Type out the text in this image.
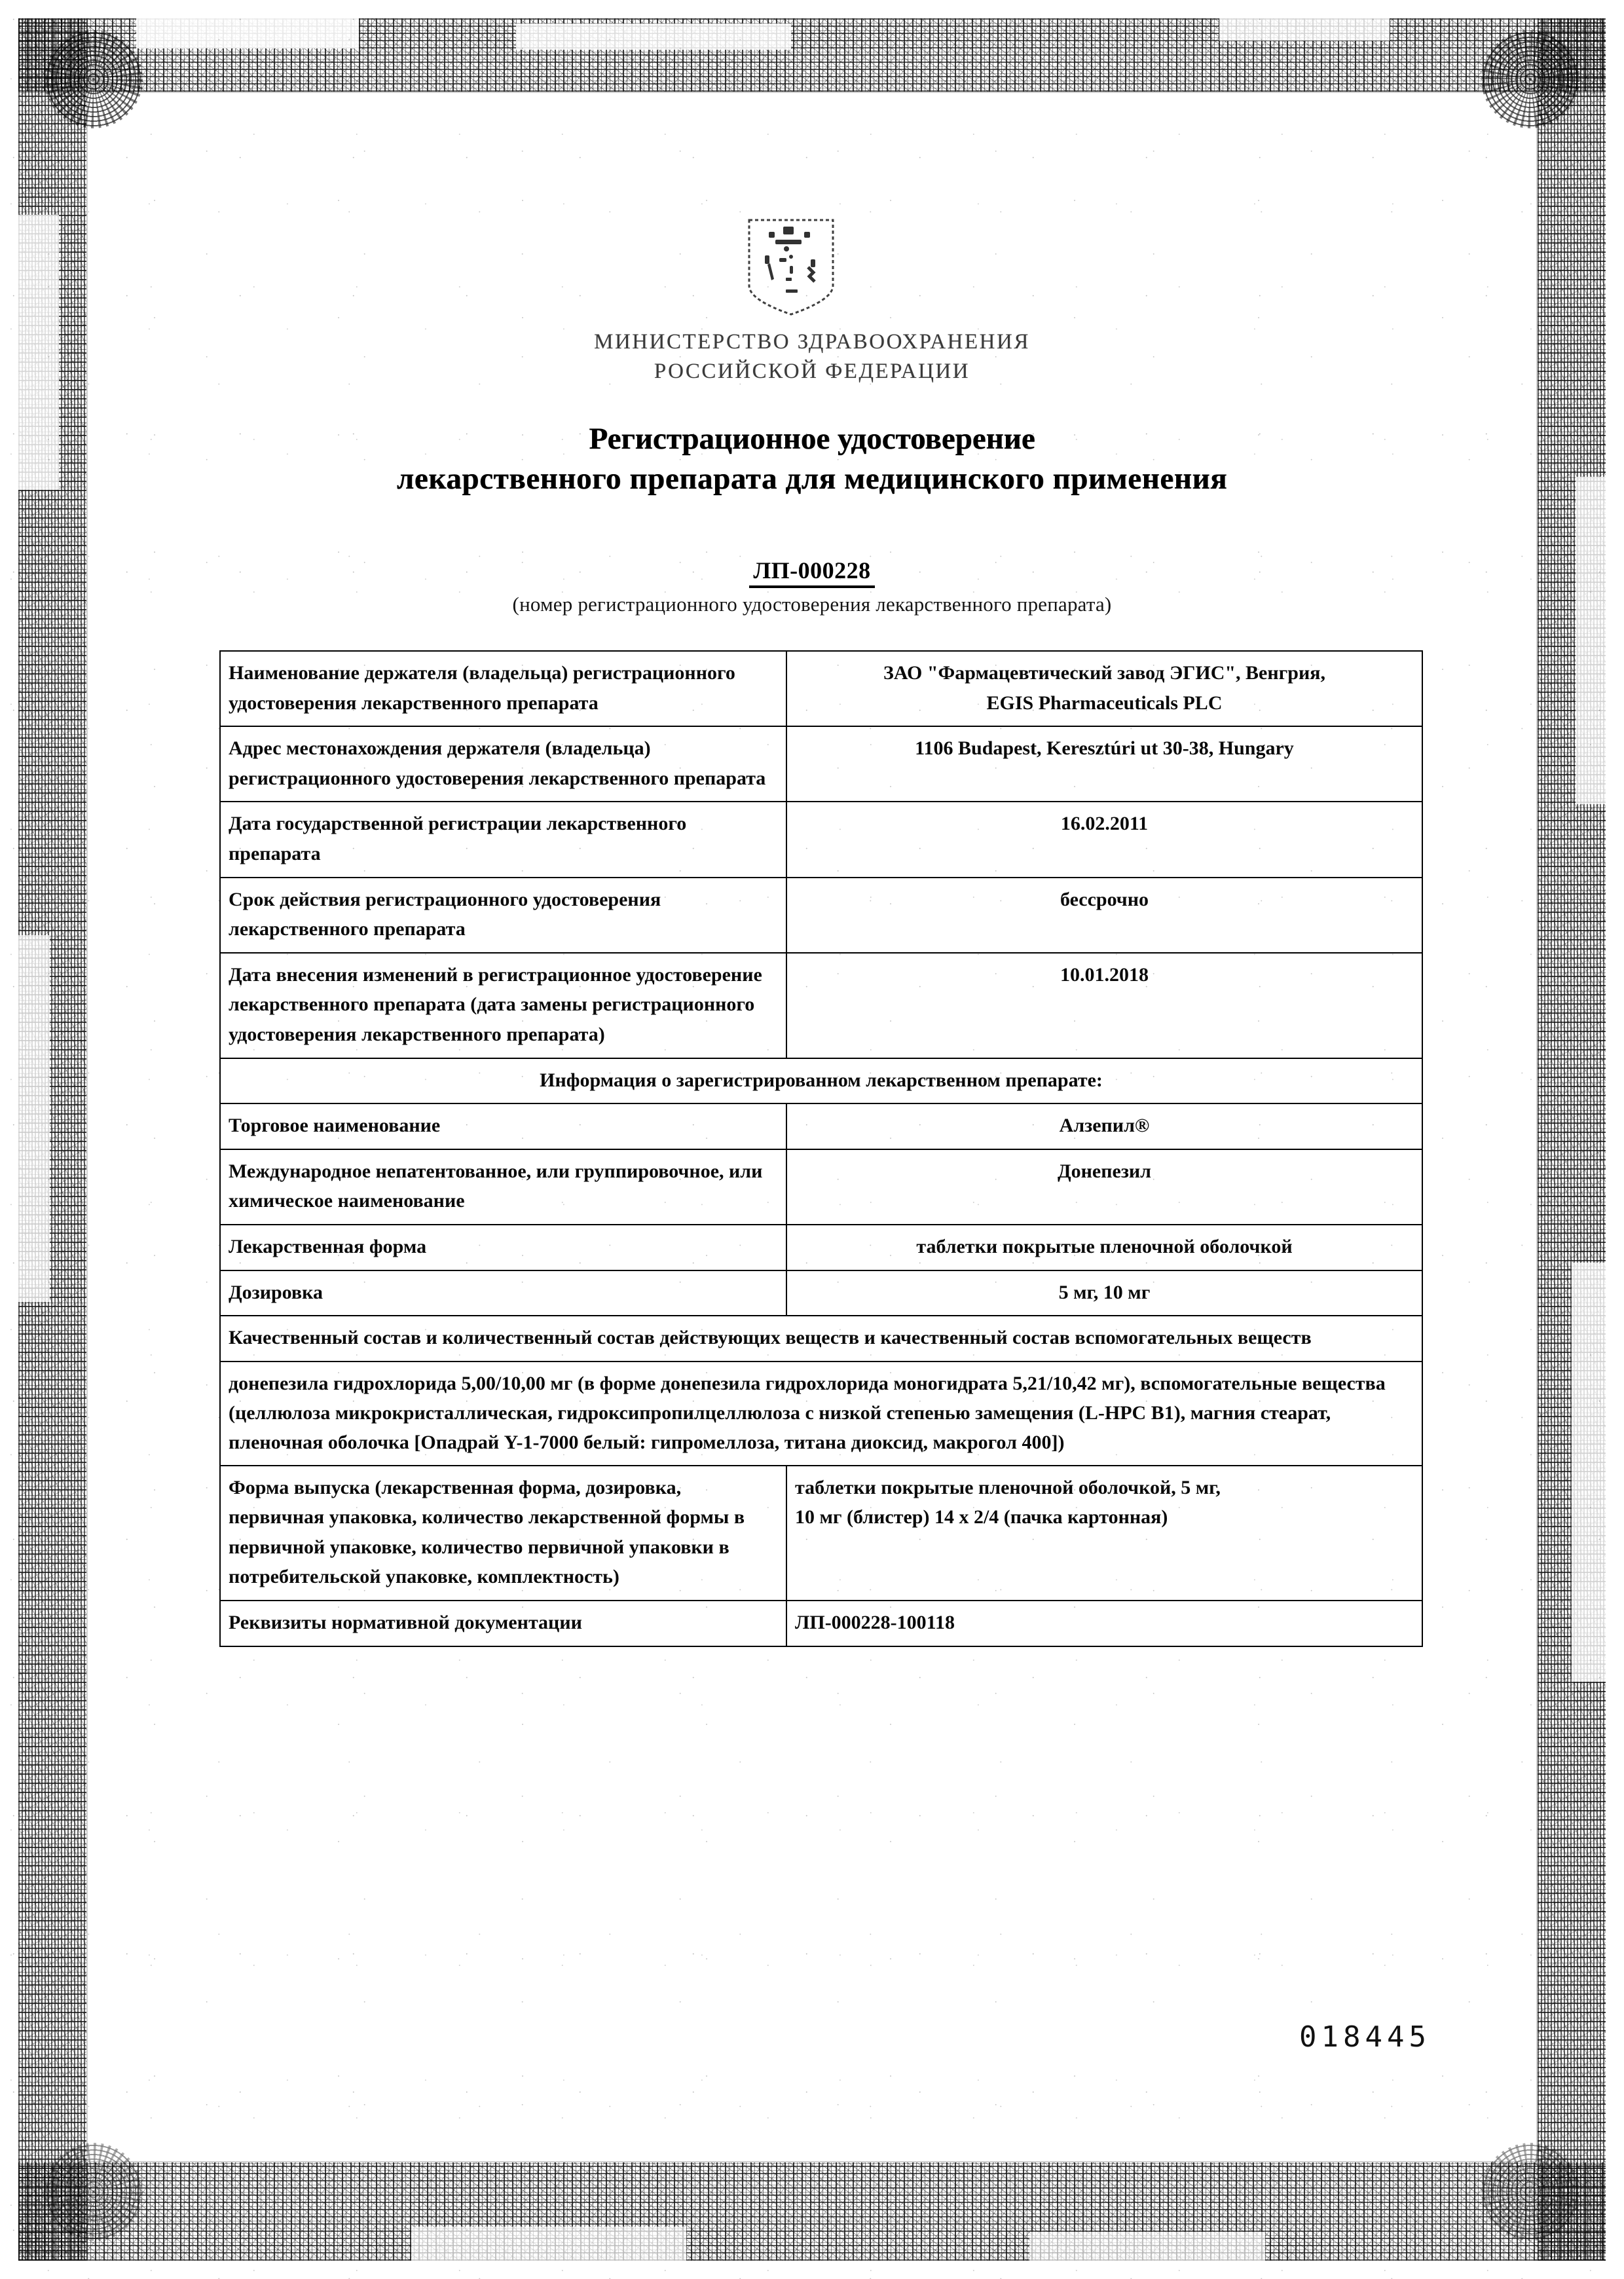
МИНИСТЕРСТВО ЗДРАВООХРАНЕНИЯ
РОССИЙСКОЙ ФЕДЕРАЦИИ
Регистрационное удостоверение
лекарственного препарата для медицинского применения
ЛП-000228
(номер регистрационного удостоверения лекарственного препарата)
Наименование держателя (владельца) регистрационного удостоверения лекарственного препарата	ЗАО "Фармацевтический завод ЭГИС", Венгрия,
EGIS Pharmaceuticals PLC

Адрес местонахождения держателя (владельца) регистрационного удостоверения лекарственного препарата	1106 Budapest, Keresztúri ut 30-38, Hungary
Дата государственной регистрации лекарственного препарата	16.02.2011
Срок действия регистрационного удостоверения лекарственного препарата	бессрочно
Дата внесения изменений в регистрационное удостоверение лекарственного препарата (дата замены регистрационного удостоверения лекарственного препарата)	10.01.2018
Информация о зарегистрированном лекарственном препарате:	
Торговое наименование	Алзепил®
Международное непатентованное, или группировочное, или химическое наименование	Донепезил
Лекарственная форма	таблетки покрытые пленочной оболочкой
Дозировка	5 мг, 10 мг
Качественный состав и количественный состав действующих веществ и качественный состав вспомогательных веществ	
донепезила гидрохлорида 5,00/10,00 мг (в форме донепезила гидрохлорида моногидрата 5,21/10,42 мг), вспомогательные вещества (целлюлоза микрокристаллическая, гидроксипропилцеллюлоза с низкой степенью замещения (L-HPC B1), магния стеарат, пленочная оболочка [Опадрай Y-1-7000 белый: гипромеллоза, титана диоксид, макрогол 400])	
Форма выпуска (лекарственная форма, дозировка, первичная упаковка, количество лекарственной формы в первичной упаковке, количество первичной упаковки в потребительской упаковке, комплектность)	таблетки покрытые пленочной оболочкой, 5 мг,
10 мг (блистер) 14 х 2/4 (пачка картонная)

Реквизиты нормативной документации	ЛП-000228-100118
018445
